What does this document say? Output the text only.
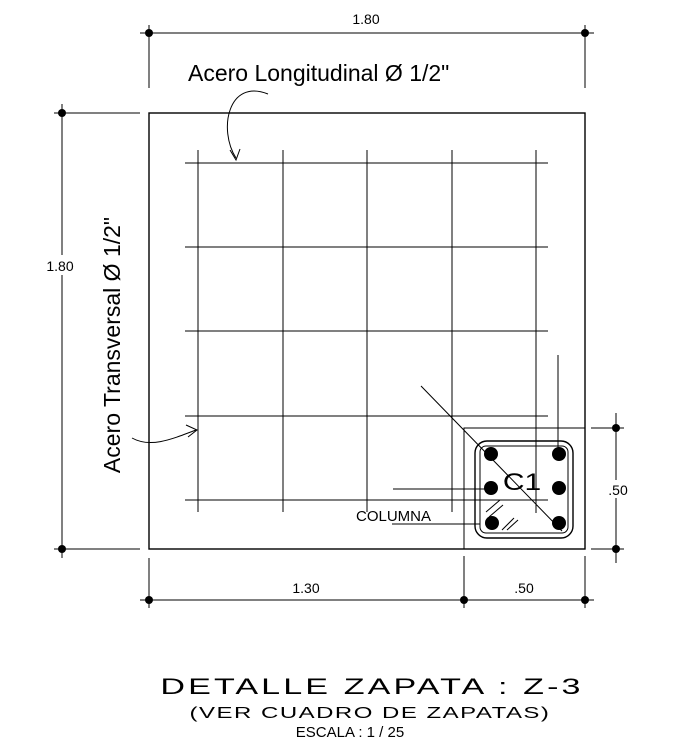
C1
COLUMNA
1.80
1.80
1.30	.50
.50
Acero Longitudinal Ø 1/2"
Acero Transversal Ø 1/2"
DETALLE ZAPATA : Z-3
(VER CUADRO DE ZAPATAS)
ESCALA : 1 / 25
